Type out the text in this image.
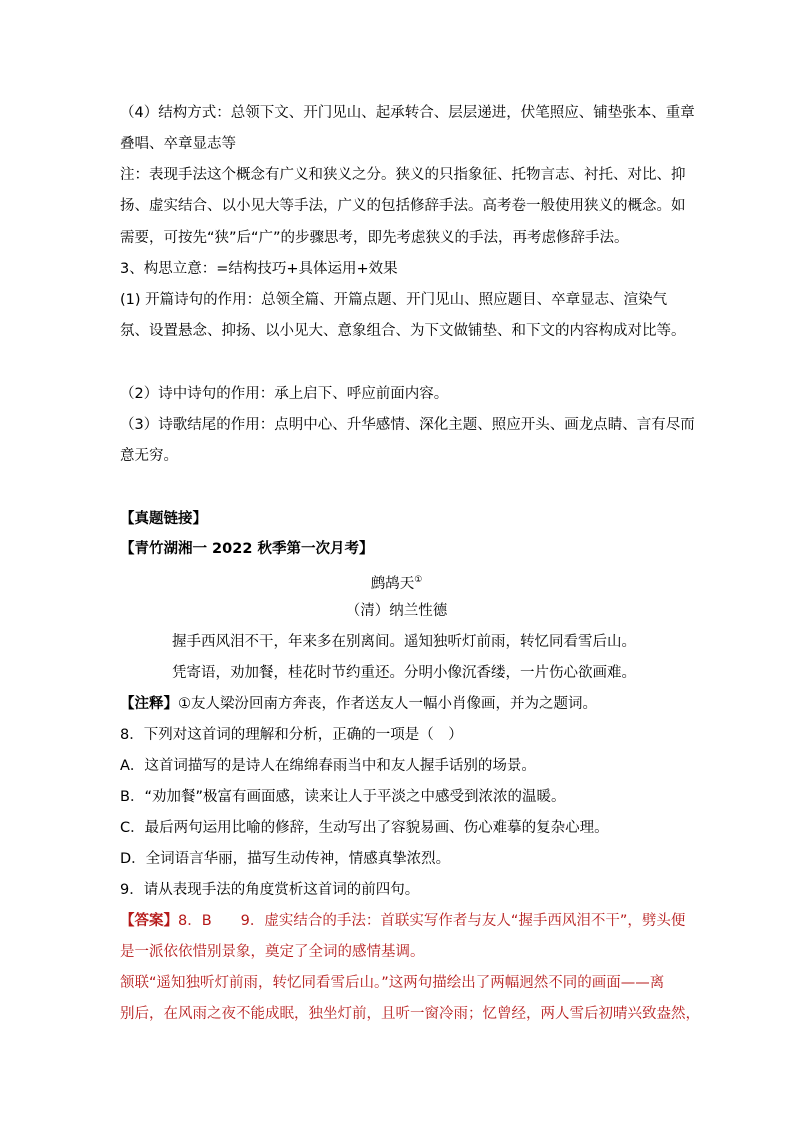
（4）结构方式：总领下文、开门见山、起承转合、层层递进，伏笔照应、铺垫张本、重章
叠唱、卒章显志等
注：表现手法这个概念有广义和狭义之分。狭义的只指象征、托物言志、衬托、对比、抑
扬、虚实结合、以小见大等手法，广义的包括修辞手法。高考卷一般使用狭义的概念。如
需要，可按先“狭”后“广”的步骤思考，即先考虑狭义的手法，再考虑修辞手法。
3、构思立意：=结构技巧+具体运用+效果
(1) 开篇诗句的作用：总领全篇、开篇点题、开门见山、照应题目、卒章显志、渲染气
氛、设置悬念、抑扬、以小见大、意象组合、为下文做铺垫、和下文的内容构成对比等。
（2）诗中诗句的作用：承上启下、呼应前面内容。
（3）诗歌结尾的作用：点明中心、升华感情、深化主题、照应开头、画龙点睛、言有尽而
意无穷。
【真题链接】
【青竹湖湘一 2022 秋季第一次月考】
鹧鸪天①
（清）纳兰性德
握手西风泪不干，年来多在别离间。遥知独听灯前雨，转忆同看雪后山。
凭寄语，劝加餐，桂花时节约重还。分明小像沉香缕，一片伤心欲画难。
【注释】①友人梁汾回南方奔丧，作者送友人一幅小肖像画，并为之题词。
8．下列对这首词的理解和分析，正确的一项是（　）
A．这首词描写的是诗人在绵绵春雨当中和友人握手话别的场景。
B．“劝加餐”极富有画面感，读来让人于平淡之中感受到浓浓的温暖。
C．最后两句运用比喻的修辞，生动写出了容貌易画、伤心难摹的复杂心理。
D．全词语言华丽，描写生动传神，情感真挚浓烈。
9．请从表现手法的角度赏析这首词的前四句。
【答案】8．B　　9．虚实结合的手法：首联实写作者与友人“握手西风泪不干”，劈头便
是一派依依惜别景象，奠定了全词的感情基调。
颔联“遥知独听灯前雨，转忆同看雪后山。”这两句描绘出了两幅迥然不同的画面——离
别后，在风雨之夜不能成眠，独坐灯前，且听一窗冷雨；忆曾经，两人雪后初晴兴致盎然，
